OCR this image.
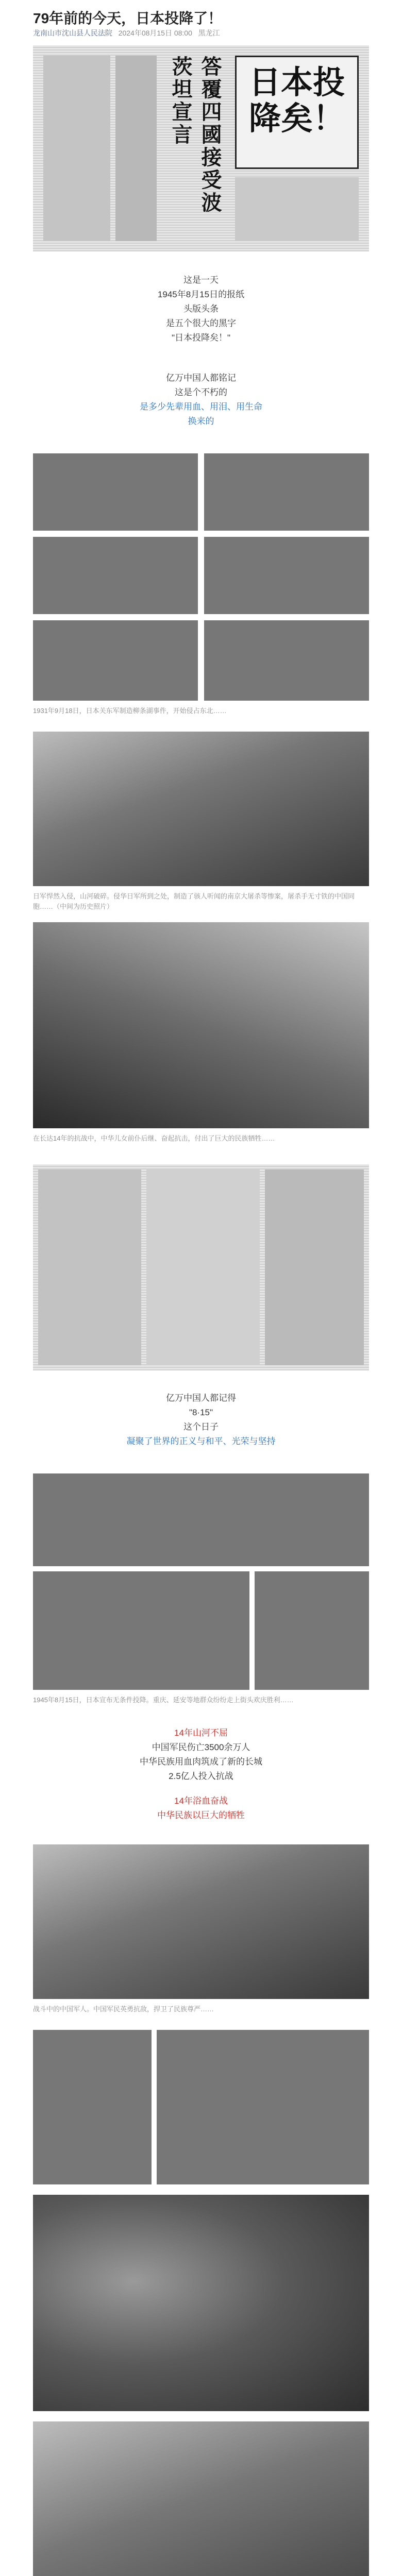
79年前的今天，日本投降了！
龙南山市沈山县人民法院 2024年08月15日 08:00 黑龙江
答覆四國接受波茨坦宣言	日本投降矣！
这是一天
1945年8月15日的报纸
头版头条
是五个很大的黑字
"日本投降矣！"
亿万中国人都铭记
这是个不朽的
是多少先辈用血、用泪、用生命
换来的
1931年9月18日，日本关东军制造柳条湖事件，开始侵占东北……
日军悍然入侵，山河破碎。侵华日军所到之处，制造了骇人听闻的南京大屠杀等惨案，屠杀手无寸铁的中国同胞……（中间为历史照片）
在长达14年的抗战中，中华儿女前仆后继、奋起抗击，付出了巨大的民族牺牲……
亿万中国人都记得
"8·15"
这个日子
凝聚了世界的正义与和平、光荣与坚持
1945年8月15日，日本宣布无条件投降。重庆、延安等地群众纷纷走上街头欢庆胜利……
14年山河不屈
中国军民伤亡3500余万人
中华民族用血肉筑成了新的长城
2.5亿人投入抗战
14年浴血奋战
中华民族以巨大的牺牲
战斗中的中国军人。中国军民英勇抗敌，捍卫了民族尊严……
